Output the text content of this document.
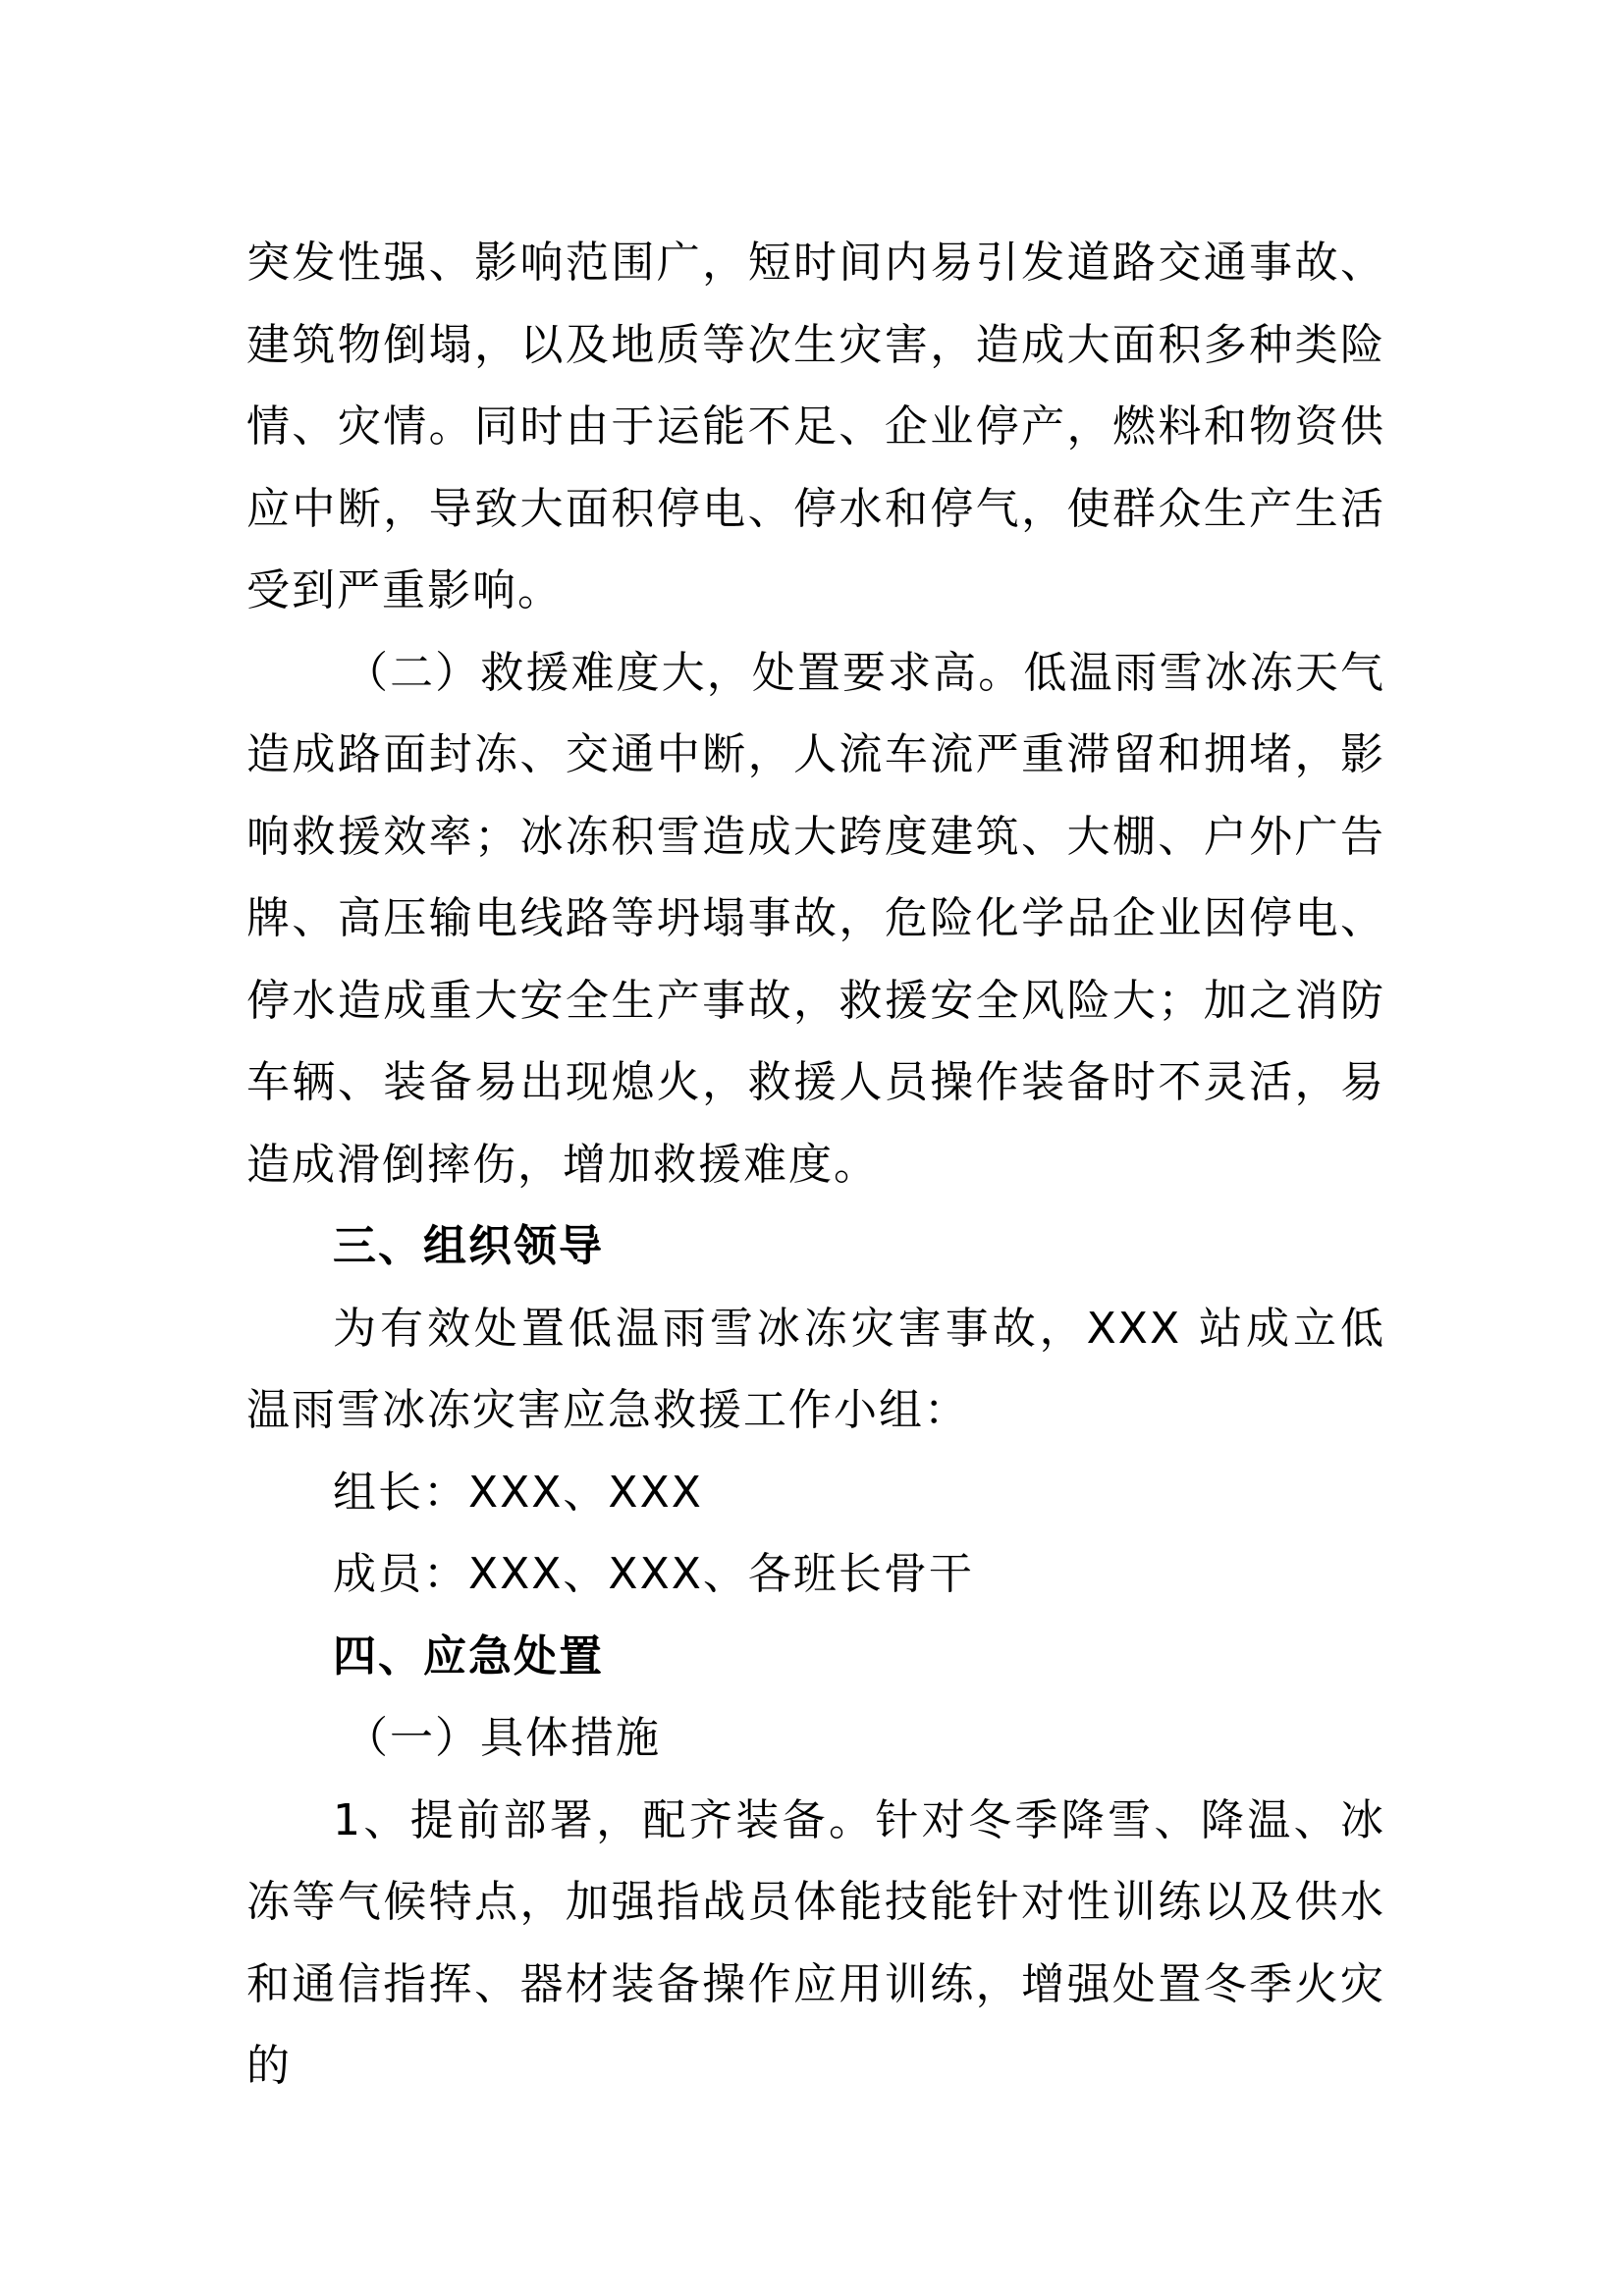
突发性强、影响范围广，短时间内易引发道路交通事故、建筑物倒塌，以及地质等次生灾害，造成大面积多种类险情、灾情。同时由于运能不足、企业停产，燃料和物资供应中断，导致大面积停电、停水和停气，使群众生产生活受到严重影响。

（二）救援难度大，处置要求高。低温雨雪冰冻天气造成路面封冻、交通中断，人流车流严重滞留和拥堵，影响救援效率；冰冻积雪造成大跨度建筑、大棚、户外广告牌、高压输电线路等坍塌事故，危险化学品企业因停电、停水造成重大安全生产事故，救援安全风险大；加之消防车辆、装备易出现熄火，救援人员操作装备时不灵活，易造成滑倒摔伤，增加救援难度。

三、组织领导

为有效处置低温雨雪冰冻灾害事故，XXX 站成立低温雨雪冰冻灾害应急救援工作小组：

组长：XXX、XXX

成员：XXX、XXX、各班长骨干

四、应急处置

（一）具体措施

1、提前部署，配齐装备。针对冬季降雪、降温、冰冻等气候特点，加强指战员体能技能针对性训练以及供水和通信指挥、器材装备操作应用训练，增强处置冬季火灾的
